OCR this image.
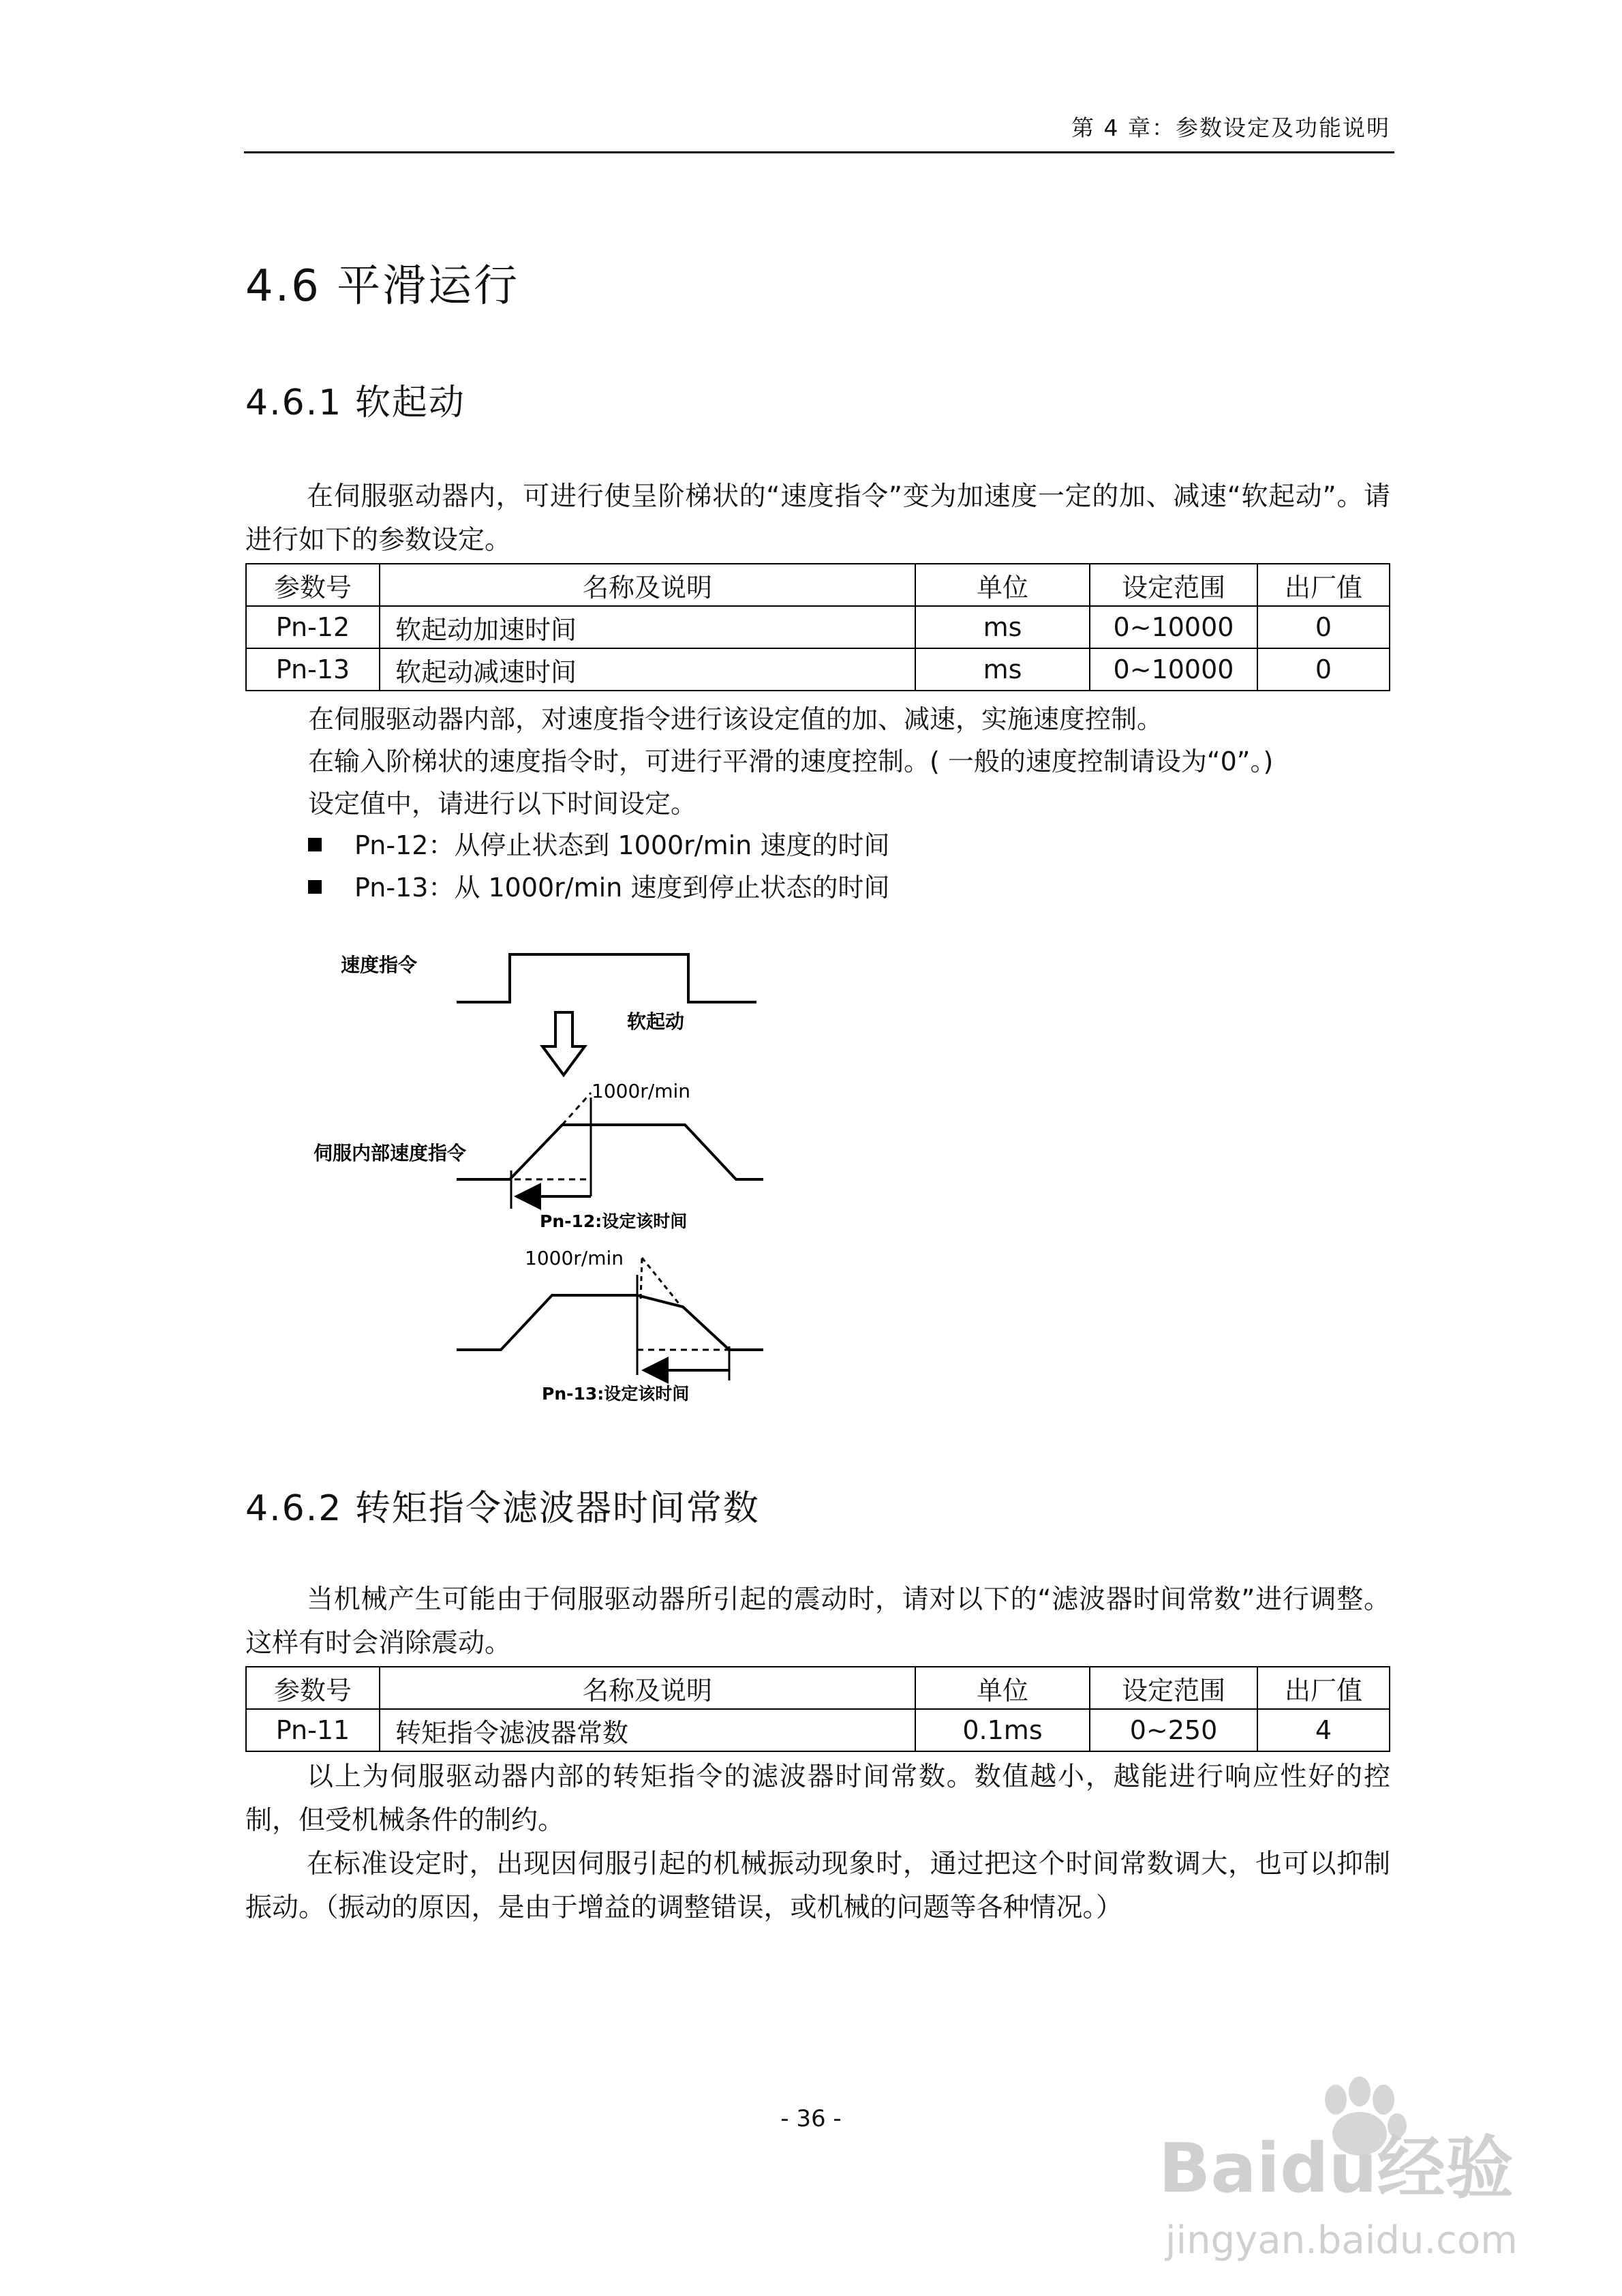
第 4 章：参数设定及功能说明
4.6 平滑运行
4.6.1 软起动
在伺服驱动器内，可进行使呈阶梯状的“速度指令”变为加速度一定的加、减速“软起动”。请进行如下的参数设定。
参数号	名称及说明	单位	设定范围	出厂值
Pn-12	软起动加速时间	ms	0~10000	0
Pn-13	软起动减速时间	ms	0~10000	0
在伺服驱动器内部，对速度指令进行该设定值的加、减速，实施速度控制。
在输入阶梯状的速度指令时，可进行平滑的速度控制。( 一般的速度控制请设为“0”。)
设定值中，请进行以下时间设定。
Pn-12：从停止状态到 1000r/min 速度的时间
Pn-13：从 1000r/min 速度到停止状态的时间
速度指令
软起动
1000r/min
伺服内部速度指令
Pn-12:设定该时间
1000r/min
Pn-13:设定该时间
4.6.2 转矩指令滤波器时间常数
当机械产生可能由于伺服驱动器所引起的震动时，请对以下的“滤波器时间常数”进行调整。这样有时会消除震动。
参数号	名称及说明	单位	设定范围	出厂值
Pn-11	转矩指令滤波器常数	0.1ms	0~250	4
以上为伺服驱动器内部的转矩指令的滤波器时间常数。数值越小，越能进行响应性好的控制，但受机械条件的制约。
在标准设定时，出现因伺服引起的机械振动现象时，通过把这个时间常数调大，也可以抑制振动。（振动的原因，是由于增益的调整错误，或机械的问题等各种情况。）
- 36 -
Baidu经验
jingyan.baidu.com
